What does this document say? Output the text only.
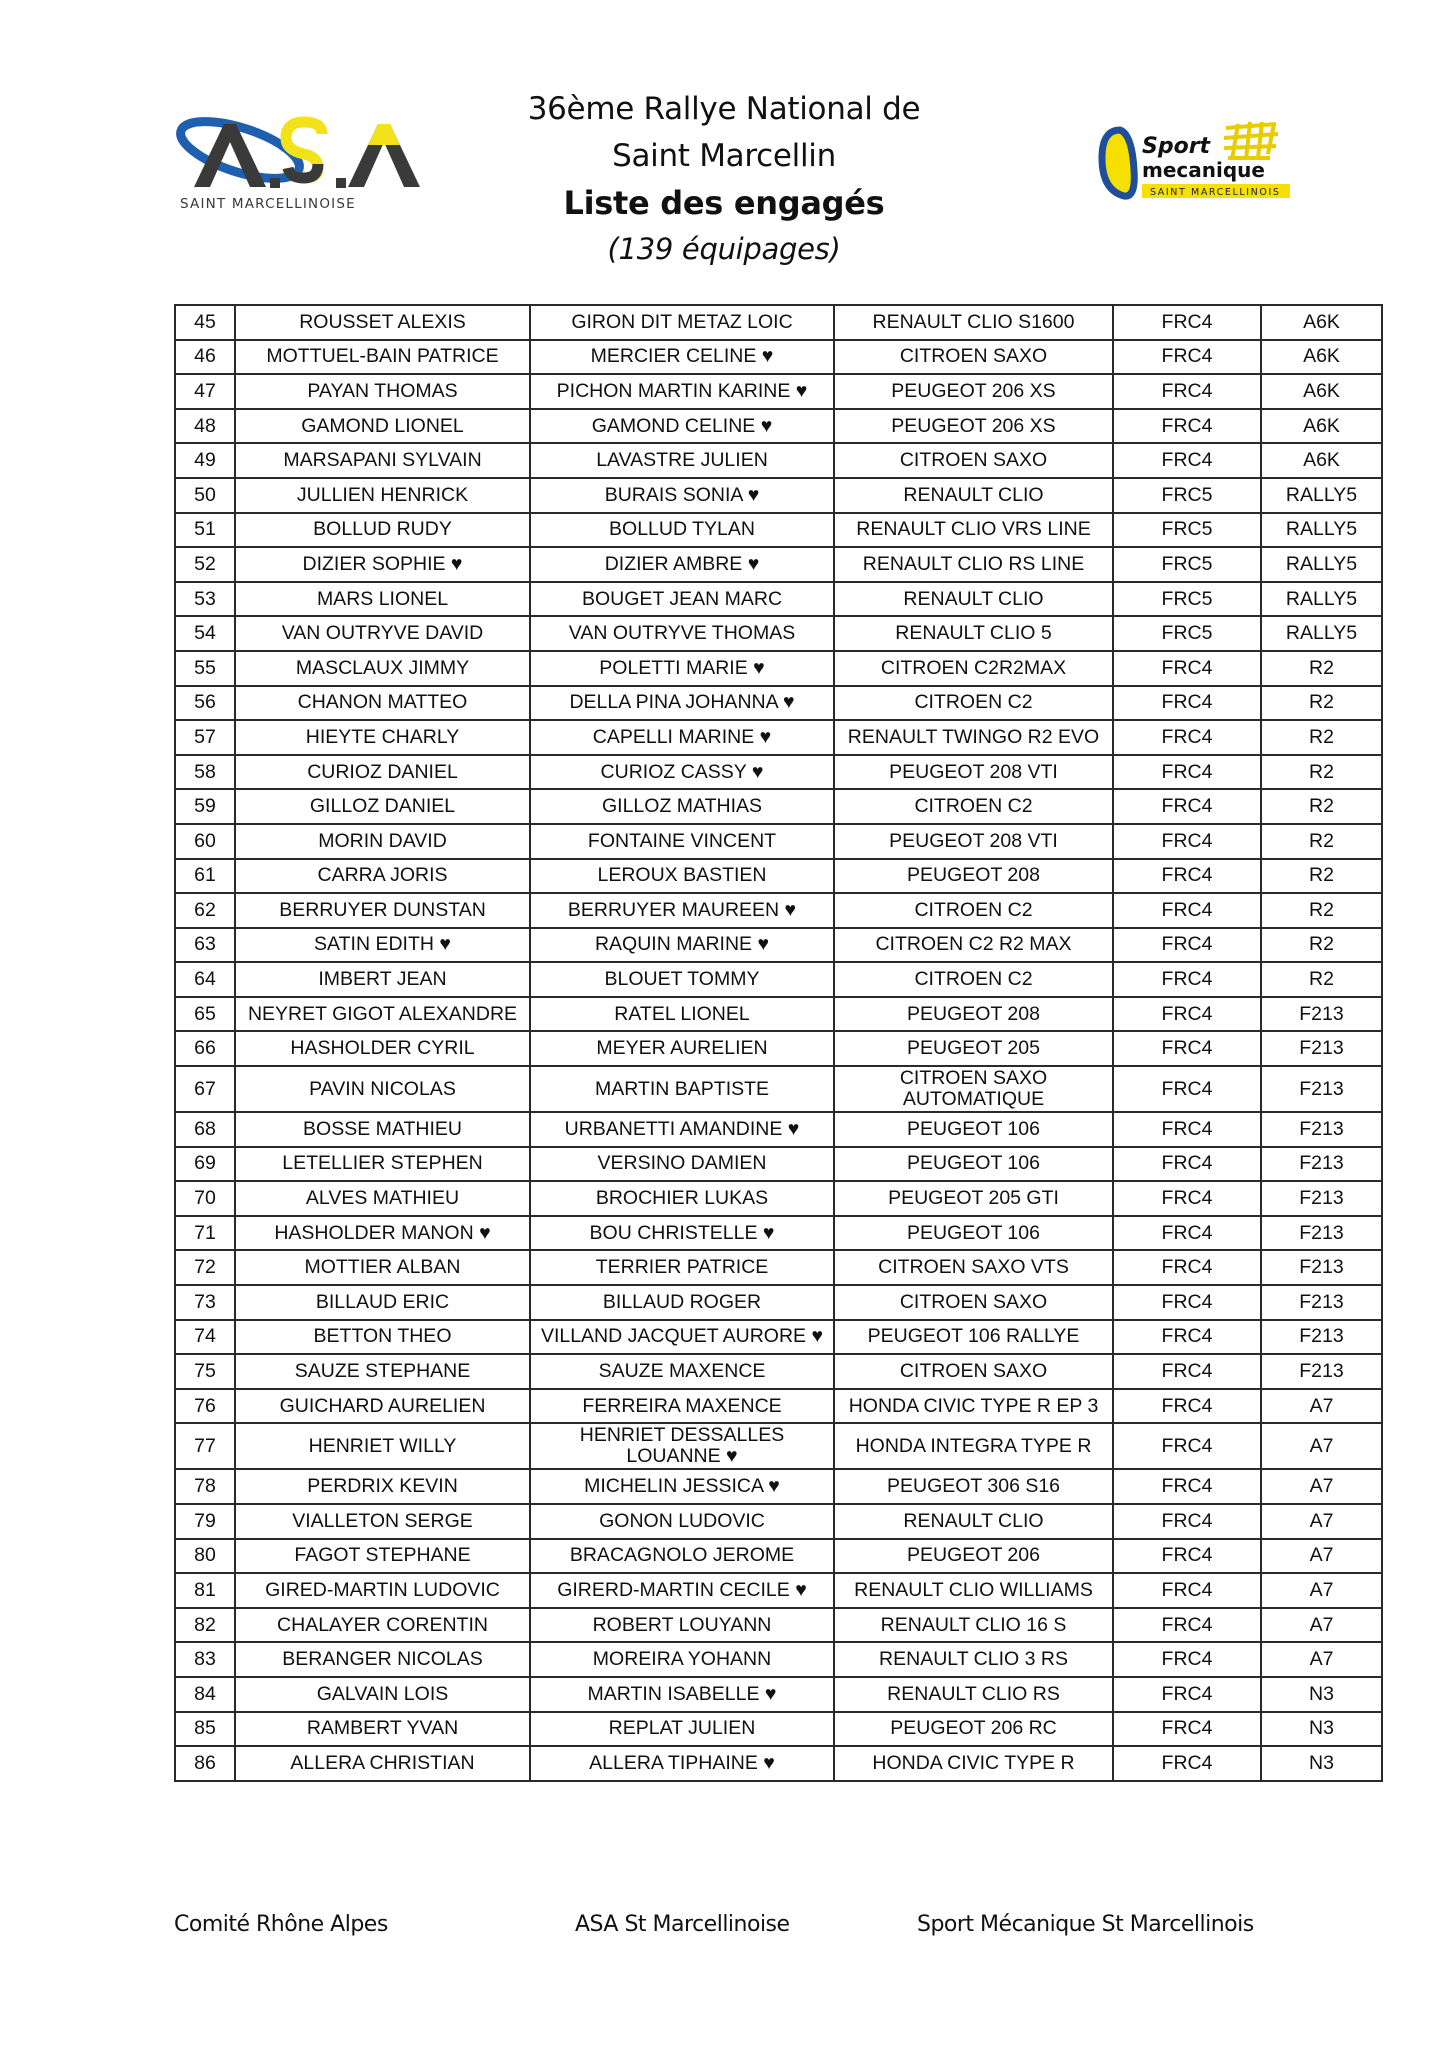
SAINT MARCELLINOISE
Sport
mecanique
SAINT MARCELLINOIS
36ème Rallye National de
Saint Marcellin
Liste des engagés
(139 équipages)
45	ROUSSET ALEXIS	GIRON DIT METAZ LOIC	RENAULT CLIO S1600	FRC4	A6K
46	MOTTUEL-BAIN PATRICE	MERCIER CELINE ♥	CITROEN SAXO	FRC4	A6K
47	PAYAN THOMAS	PICHON MARTIN KARINE ♥	PEUGEOT 206 XS	FRC4	A6K
48	GAMOND LIONEL	GAMOND CELINE ♥	PEUGEOT 206 XS	FRC4	A6K
49	MARSAPANI SYLVAIN	LAVASTRE JULIEN	CITROEN SAXO	FRC4	A6K
50	JULLIEN HENRICK	BURAIS SONIA ♥	RENAULT CLIO	FRC5	RALLY5
51	BOLLUD RUDY	BOLLUD TYLAN	RENAULT CLIO VRS LINE	FRC5	RALLY5
52	DIZIER SOPHIE ♥	DIZIER AMBRE ♥	RENAULT CLIO RS LINE	FRC5	RALLY5
53	MARS LIONEL	BOUGET JEAN MARC	RENAULT CLIO	FRC5	RALLY5
54	VAN OUTRYVE DAVID	VAN OUTRYVE THOMAS	RENAULT CLIO 5	FRC5	RALLY5
55	MASCLAUX JIMMY	POLETTI MARIE ♥	CITROEN C2R2MAX	FRC4	R2
56	CHANON MATTEO	DELLA PINA JOHANNA ♥	CITROEN C2	FRC4	R2
57	HIEYTE CHARLY	CAPELLI MARINE ♥	RENAULT TWINGO R2 EVO	FRC4	R2
58	CURIOZ DANIEL	CURIOZ CASSY ♥	PEUGEOT 208 VTI	FRC4	R2
59	GILLOZ DANIEL	GILLOZ MATHIAS	CITROEN C2	FRC4	R2
60	MORIN DAVID	FONTAINE VINCENT	PEUGEOT 208 VTI	FRC4	R2
61	CARRA JORIS	LEROUX BASTIEN	PEUGEOT 208	FRC4	R2
62	BERRUYER DUNSTAN	BERRUYER MAUREEN ♥	CITROEN C2	FRC4	R2
63	SATIN EDITH ♥	RAQUIN MARINE ♥	CITROEN C2 R2 MAX	FRC4	R2
64	IMBERT JEAN	BLOUET TOMMY	CITROEN C2	FRC4	R2
65	NEYRET GIGOT ALEXANDRE	RATEL LIONEL	PEUGEOT 208	FRC4	F213
66	HASHOLDER CYRIL	MEYER AURELIEN	PEUGEOT 205	FRC4	F213
67	PAVIN NICOLAS	MARTIN BAPTISTE	CITROEN SAXO AUTOMATIQUE	FRC4	F213
68	BOSSE MATHIEU	URBANETTI AMANDINE ♥	PEUGEOT 106	FRC4	F213
69	LETELLIER STEPHEN	VERSINO DAMIEN	PEUGEOT 106	FRC4	F213
70	ALVES MATHIEU	BROCHIER LUKAS	PEUGEOT 205 GTI	FRC4	F213
71	HASHOLDER MANON ♥	BOU CHRISTELLE ♥	PEUGEOT 106	FRC4	F213
72	MOTTIER ALBAN	TERRIER PATRICE	CITROEN SAXO VTS	FRC4	F213
73	BILLAUD ERIC	BILLAUD ROGER	CITROEN SAXO	FRC4	F213
74	BETTON THEO	VILLAND JACQUET AURORE ♥	PEUGEOT 106 RALLYE	FRC4	F213
75	SAUZE STEPHANE	SAUZE MAXENCE	CITROEN SAXO	FRC4	F213
76	GUICHARD AURELIEN	FERREIRA MAXENCE	HONDA CIVIC TYPE R EP 3	FRC4	A7
77	HENRIET WILLY	HENRIET DESSALLES LOUANNE ♥	HONDA INTEGRA TYPE R	FRC4	A7
78	PERDRIX KEVIN	MICHELIN JESSICA ♥	PEUGEOT 306 S16	FRC4	A7
79	VIALLETON SERGE	GONON LUDOVIC	RENAULT CLIO	FRC4	A7
80	FAGOT STEPHANE	BRACAGNOLO JEROME	PEUGEOT 206	FRC4	A7
81	GIRED-MARTIN LUDOVIC	GIRERD-MARTIN CECILE ♥	RENAULT CLIO WILLIAMS	FRC4	A7
82	CHALAYER CORENTIN	ROBERT LOUYANN	RENAULT CLIO 16 S	FRC4	A7
83	BERANGER NICOLAS	MOREIRA YOHANN	RENAULT CLIO 3 RS	FRC4	A7
84	GALVAIN LOIS	MARTIN ISABELLE ♥	RENAULT CLIO RS	FRC4	N3
85	RAMBERT YVAN	REPLAT JULIEN	PEUGEOT 206 RC	FRC4	N3
86	ALLERA CHRISTIAN	ALLERA TIPHAINE ♥	HONDA CIVIC TYPE R	FRC4	N3
Comité Rhône Alpes	ASA St Marcellinoise	Sport Mécanique St Marcellinois
